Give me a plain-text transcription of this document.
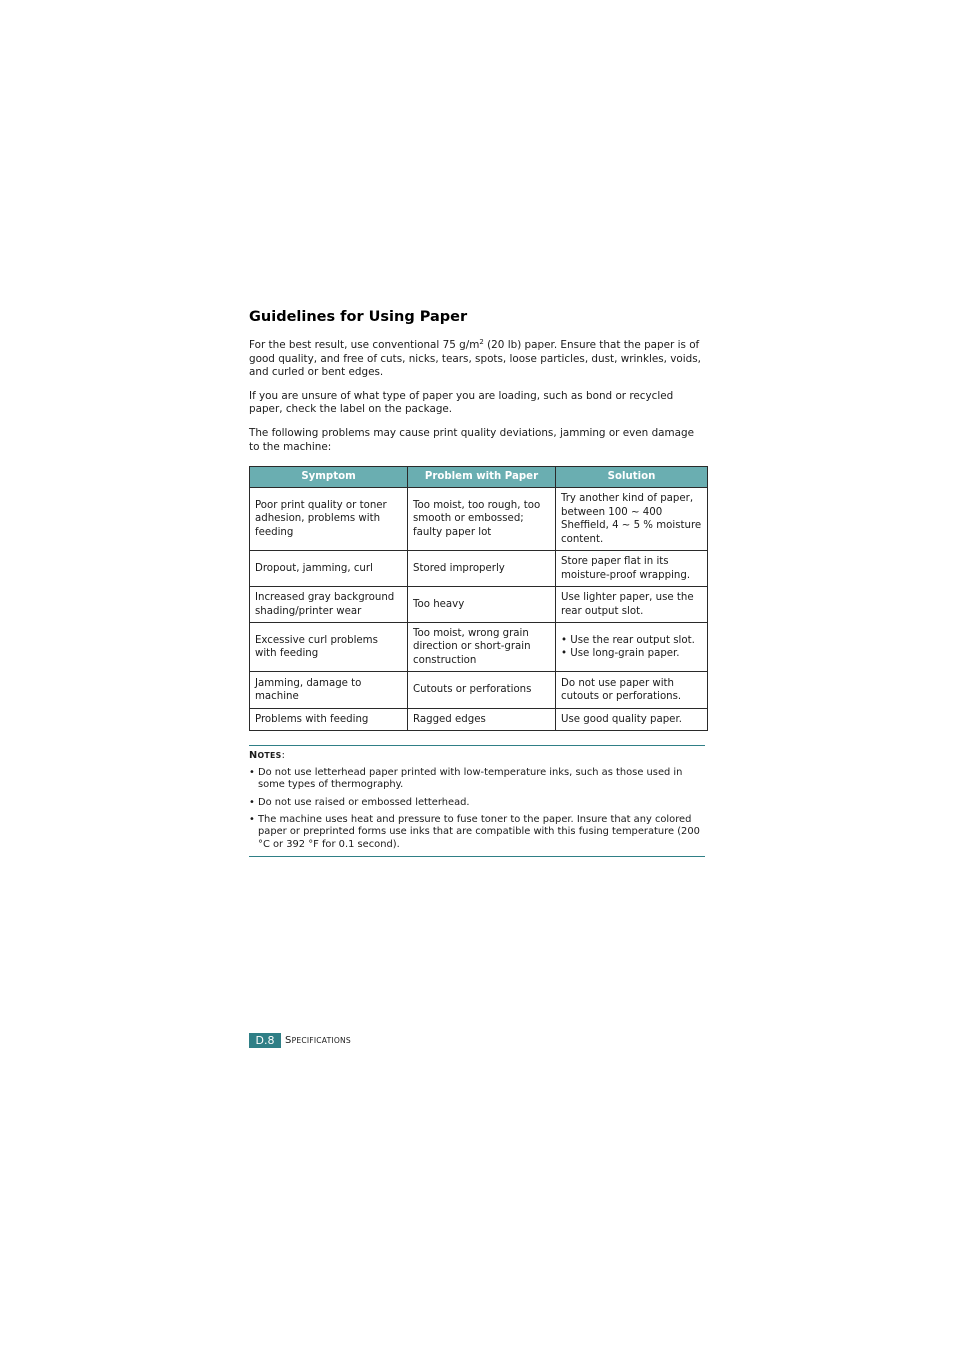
Guidelines for Using Paper

For the best result, use conventional 75 $g/m^2$ (20 lb) paper. Ensure that the paper is of good quality, and free of cuts, nicks, tears, spots, loose particles, dust, wrinkles, voids, and curled or bent edges.

If you are unsure of what type of paper you are loading, such as bond or recycled paper, check the label on the package.

The following problems may cause print quality deviations, jamming or even damage to the machine:

Symptom	Problem with Paper	Solution
Poor print quality or toner adhesion, problems with feeding	Too moist, too rough, too smooth or embossed; faulty paper lot	Try another kind of paper, between 100 ~ 400 Sheffield, 4 ~ 5 % moisture content.

Dropout, jamming, curl	Stored improperly	Store paper flat in its moisture-proof wrapping.

Increased gray background shading/printer wear	Too heavy	Use lighter paper, use the rear output slot.

Excessive curl problems with feeding	Too moist, wrong grain direction or short-grain construction	• Use the rear output slot.
• Use long-grain paper.

Jamming, damage to machine	Cutouts or perforations	Do not use paper with cutouts or perforations.

Problems with feeding	Ragged edges	Use good quality paper.
NOTES:
• Do not use letterhead paper printed with low-temperature inks, such as those used in some types of thermography.
• Do not use raised or embossed letterhead.
• The machine uses heat and pressure to fuse toner to the paper. Insure that any colored paper or preprinted forms use inks that are compatible with this fusing temperature (200 °C or 392 °F for 0.1 second).
D.8	SPECIFICATIONS
